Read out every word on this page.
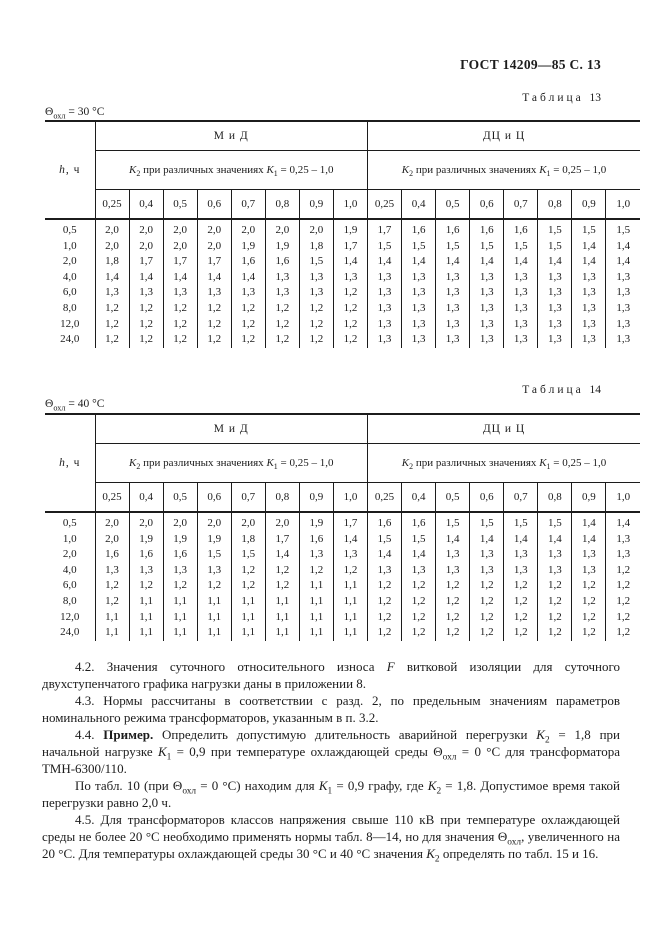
ГОСТ 14209—85 С. 13
Таблица 13
$\Theta_{охл} = 30$ °С
h, ч	М и Д								ДЦ и Ц							
	$K_2$ при различных значениях $K_1 = 0,25 - 1,0$								$K_2$ при различных значениях $K_1 = 0,25 - 1,0$							
	0,25	0,4	0,5	0,6	0,7	0,8	0,9	1,0	0,25	0,4	0,5	0,6	0,7	0,8	0,9	1,0
0,5	2,0	2,0	2,0	2,0	2,0	2,0	2,0	1,9	1,7	1,6	1,6	1,6	1,6	1,5	1,5	1,5
1,0	2,0	2,0	2,0	2,0	1,9	1,9	1,8	1,7	1,5	1,5	1,5	1,5	1,5	1,5	1,4	1,4
2,0	1,8	1,7	1,7	1,7	1,6	1,6	1,5	1,4	1,4	1,4	1,4	1,4	1,4	1,4	1,4	1,4
4,0	1,4	1,4	1,4	1,4	1,4	1,3	1,3	1,3	1,3	1,3	1,3	1,3	1,3	1,3	1,3	1,3
6,0	1,3	1,3	1,3	1,3	1,3	1,3	1,3	1,2	1,3	1,3	1,3	1,3	1,3	1,3	1,3	1,3
8,0	1,2	1,2	1,2	1,2	1,2	1,2	1,2	1,2	1,3	1,3	1,3	1,3	1,3	1,3	1,3	1,3
12,0	1,2	1,2	1,2	1,2	1,2	1,2	1,2	1,2	1,3	1,3	1,3	1,3	1,3	1,3	1,3	1,3
24,0	1,2	1,2	1,2	1,2	1,2	1,2	1,2	1,2	1,3	1,3	1,3	1,3	1,3	1,3	1,3	1,3
Таблица 14
$\Theta_{охл} = 40$ °С
h, ч	М и Д								ДЦ и Ц							
	$K_2$ при различных значениях $K_1 = 0,25 - 1,0$								$K_2$ при различных значениях $K_1 = 0,25 - 1,0$							
	0,25	0,4	0,5	0,6	0,7	0,8	0,9	1,0	0,25	0,4	0,5	0,6	0,7	0,8	0,9	1,0
0,5	2,0	2,0	2,0	2,0	2,0	2,0	1,9	1,7	1,6	1,6	1,5	1,5	1,5	1,5	1,4	1,4
1,0	2,0	1,9	1,9	1,9	1,8	1,7	1,6	1,4	1,5	1,5	1,4	1,4	1,4	1,4	1,4	1,3
2,0	1,6	1,6	1,6	1,5	1,5	1,4	1,3	1,3	1,4	1,4	1,3	1,3	1,3	1,3	1,3	1,3
4,0	1,3	1,3	1,3	1,3	1,2	1,2	1,2	1,2	1,3	1,3	1,3	1,3	1,3	1,3	1,3	1,2
6,0	1,2	1,2	1,2	1,2	1,2	1,2	1,1	1,1	1,2	1,2	1,2	1,2	1,2	1,2	1,2	1,2
8,0	1,2	1,1	1,1	1,1	1,1	1,1	1,1	1,1	1,2	1,2	1,2	1,2	1,2	1,2	1,2	1,2
12,0	1,1	1,1	1,1	1,1	1,1	1,1	1,1	1,1	1,2	1,2	1,2	1,2	1,2	1,2	1,2	1,2
24,0	1,1	1,1	1,1	1,1	1,1	1,1	1,1	1,1	1,2	1,2	1,2	1,2	1,2	1,2	1,2	1,2

4.2. Значения суточного относительного износа F витковой изоляции для суточного двухступенчатого графика нагрузки даны в приложении 8.

4.3. Нормы рассчитаны в соответствии с разд. 2, по предельным значениям параметров номинального режима трансформаторов, указанным в п. 3.2.

4.4. Пример. Определить допустимую длительность аварийной перегрузки $K_2 = 1,8$ при начальной нагрузке $K_1 = 0,9$ при температуре охлаждающей среды $\Theta_{охл} = 0$ °С для трансформатора ТМН-6300/110.

По табл. 10 (при $\Theta_{охл} = 0$ °С) находим для $K_1 = 0,9$ графу, где $K_2 = 1,8$. Допустимое время такой перегрузки равно 2,0 ч.

4.5. Для трансформаторов классов напряжения свыше 110 кВ при температуре охлаждающей среды не более 20 °С необходимо применять нормы табл. 8—14, но для значения $\Theta_{охл}$, увеличенного на 20 °С. Для температуры охлаждающей среды 30 °С и 40 °С значения $K_2$ определять по табл. 15 и 16.
